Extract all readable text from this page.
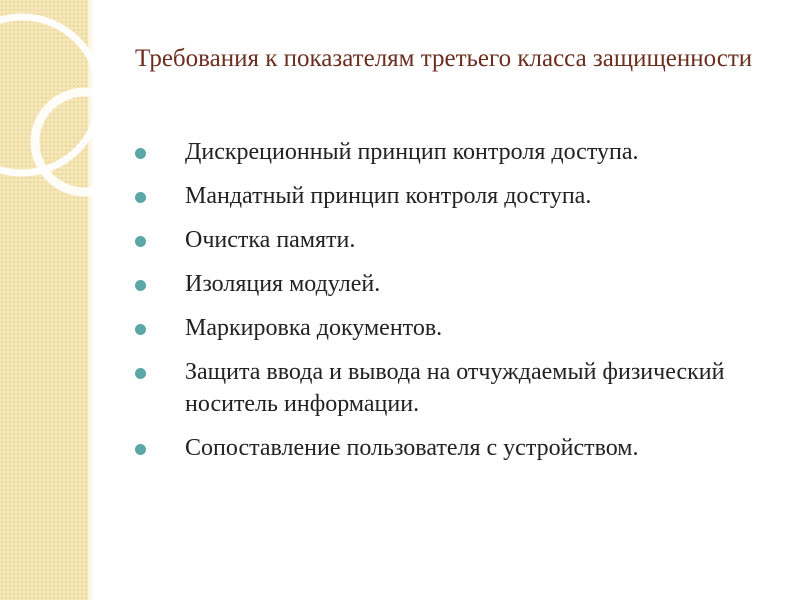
Требования к показателям третьего класса защищенности
Дискреционный принцип контроля доступа.
Мандатный принцип контроля доступа.
Очистка памяти.
Изоляция модулей.
Маркировка документов.
Защита ввода и вывода на отчуждаемый физический носитель информации.
Сопоставление пользователя с устройством.
